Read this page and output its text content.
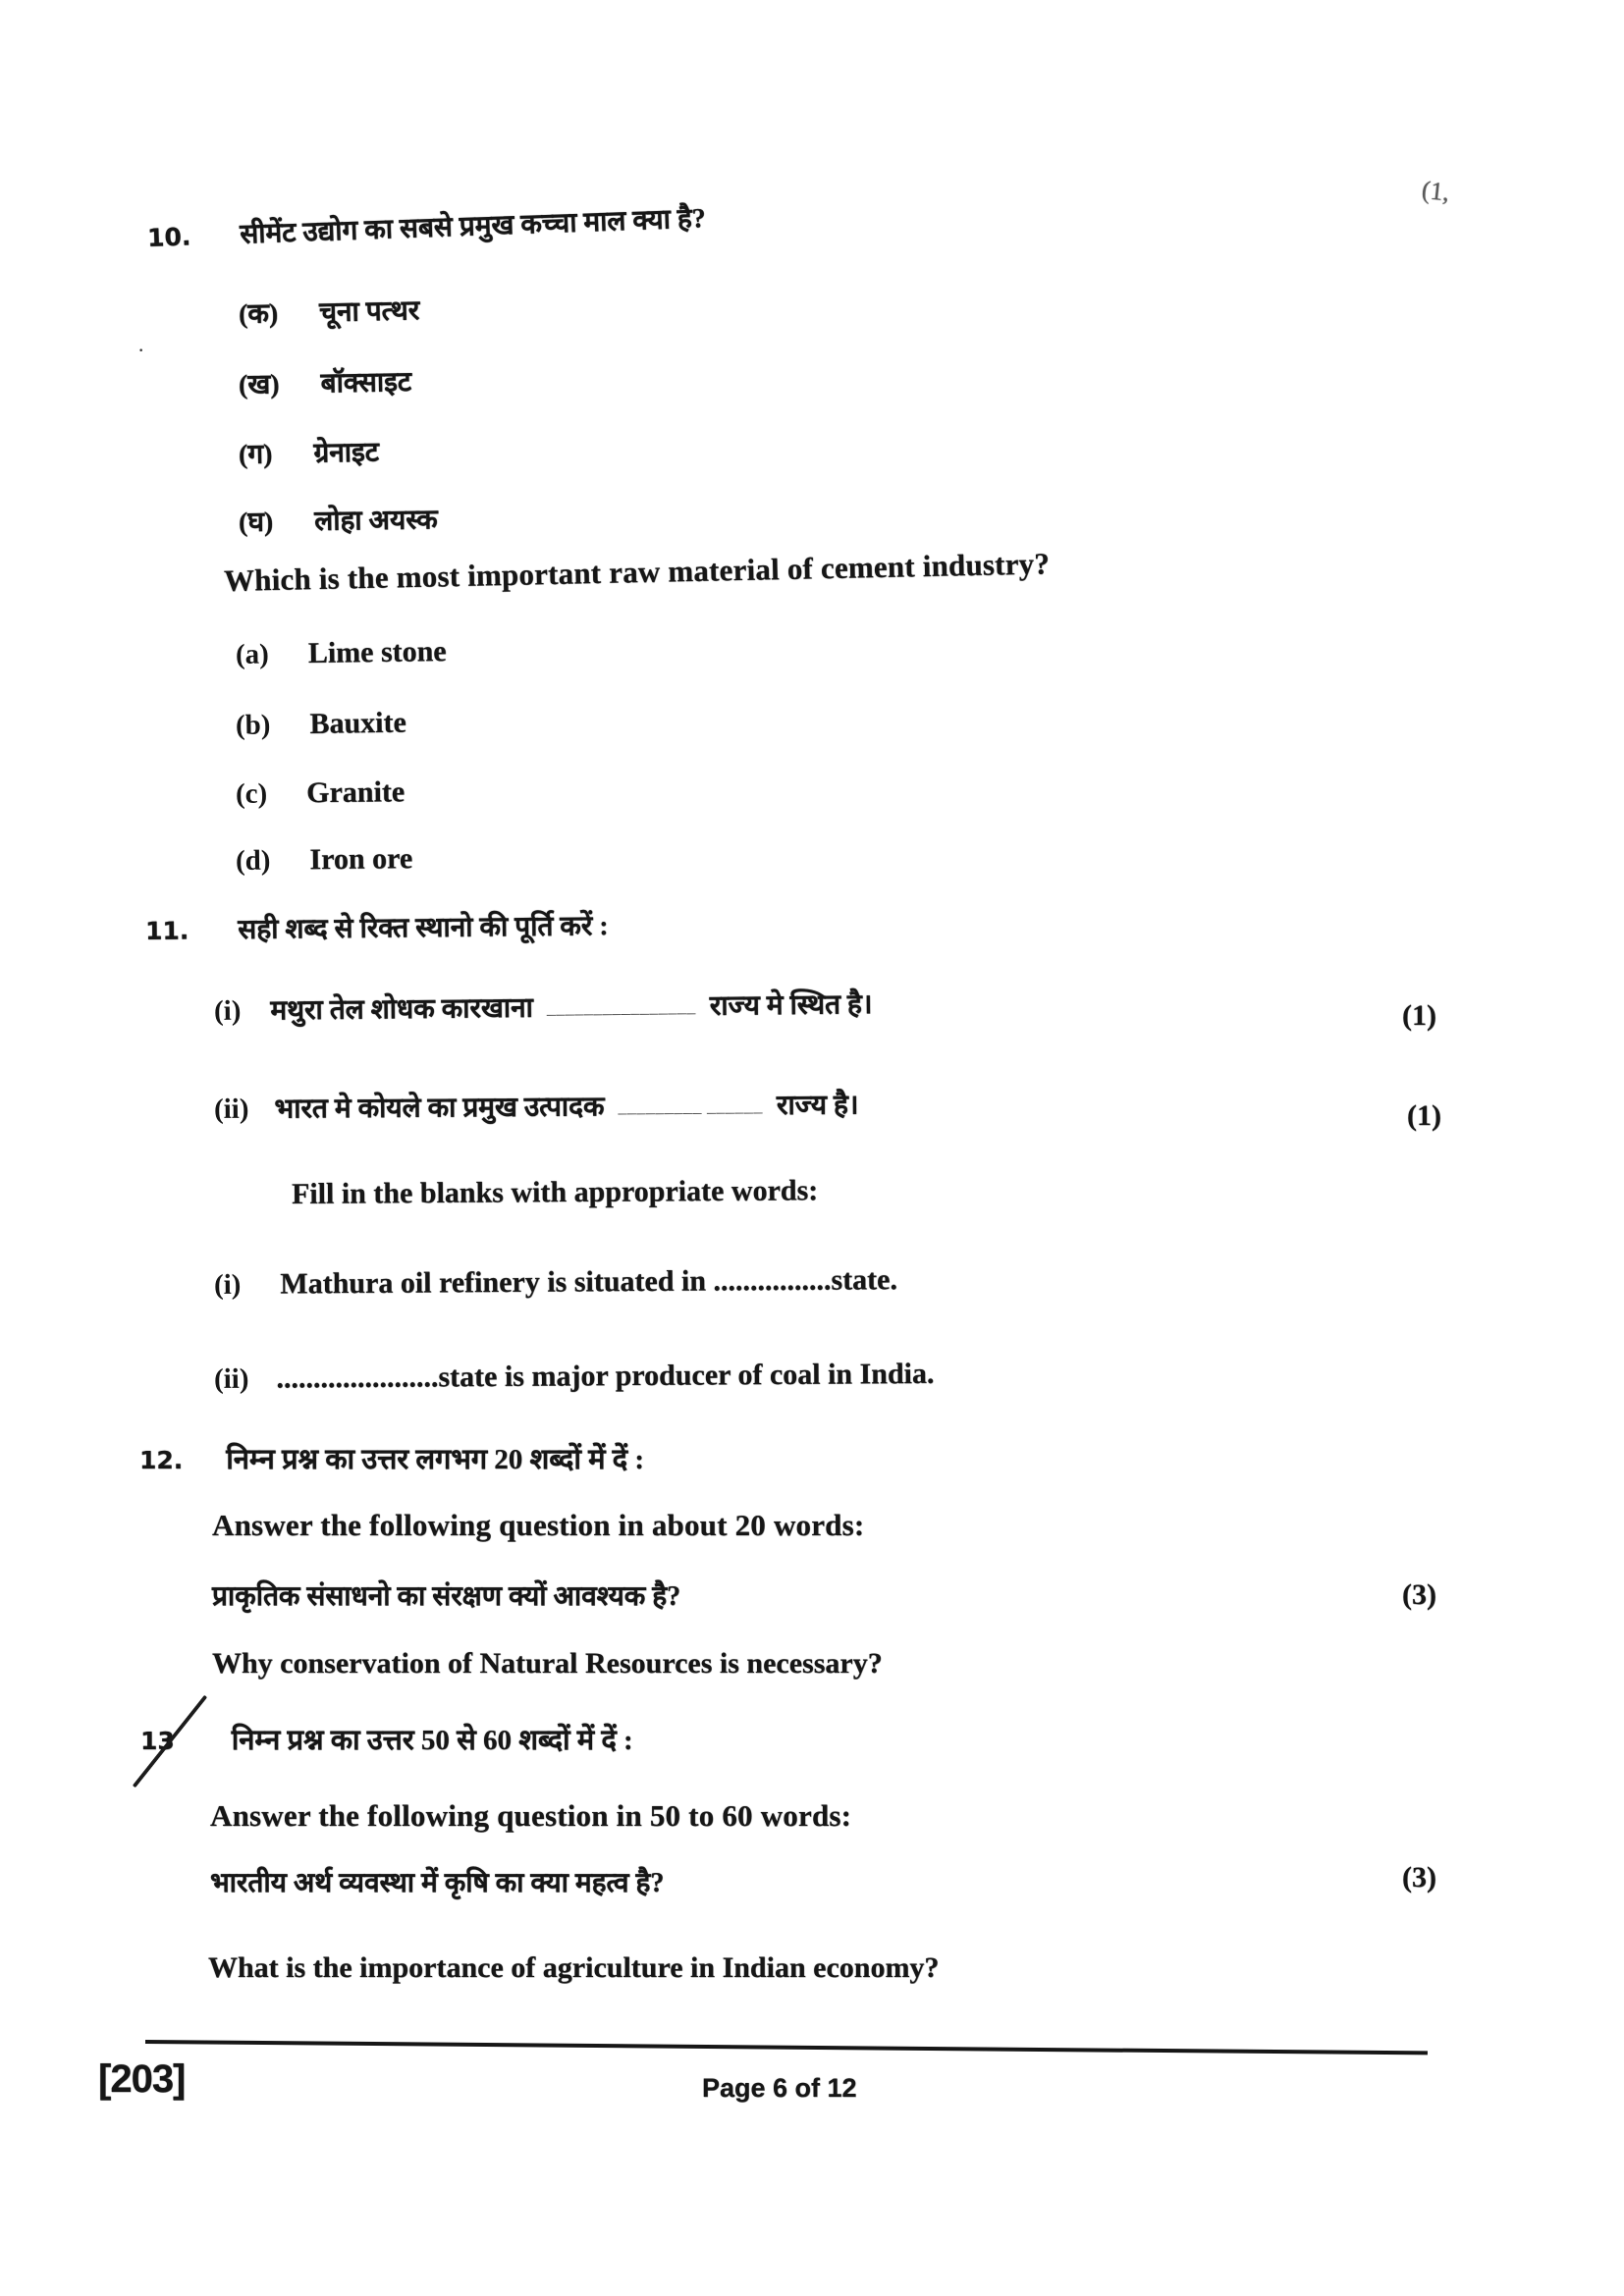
(1,
·
10. सीमेंट उद्योग का सबसे प्रमुख कच्चा माल क्या है?
(क) चूना पत्थर
(ख) बॉक्साइट
(ग) ग्रेनाइट
(घ) लोहा अयस्क
Which is the most important raw material of cement industry?
(a) Lime stone
(b) Bauxite
(c) Granite
(d) Iron ore
11. सही शब्द से रिक्त स्थानो की पूर्ति करें :
(i) मथुरा तेल शोधक कारखाना ________________ राज्य मे स्थित है।	(1)
(ii) भारत मे कोयले का प्रमुख उत्पादक _________ ______ राज्य है।	(1)
Fill in the blanks with appropriate words:
(i) Mathura oil refinery is situated in ................state.
(ii) ......................state is major producer of coal in India.
12. निम्न प्रश्न का उत्तर लगभग 20 शब्दों में दें :
Answer the following question in about 20 words:
प्राकृतिक संसाधनो का संरक्षण क्यों आवश्यक है?	(3)
Why conservation of Natural Resources is necessary?
13 निम्न प्रश्न का उत्तर 50 से 60 शब्दों में दें :
Answer the following question in 50 to 60 words:
भारतीय अर्थ व्यवस्था में कृषि का क्या महत्व है?	(3)
What is the importance of agriculture in Indian economy?
[203]	Page 6 of 12
